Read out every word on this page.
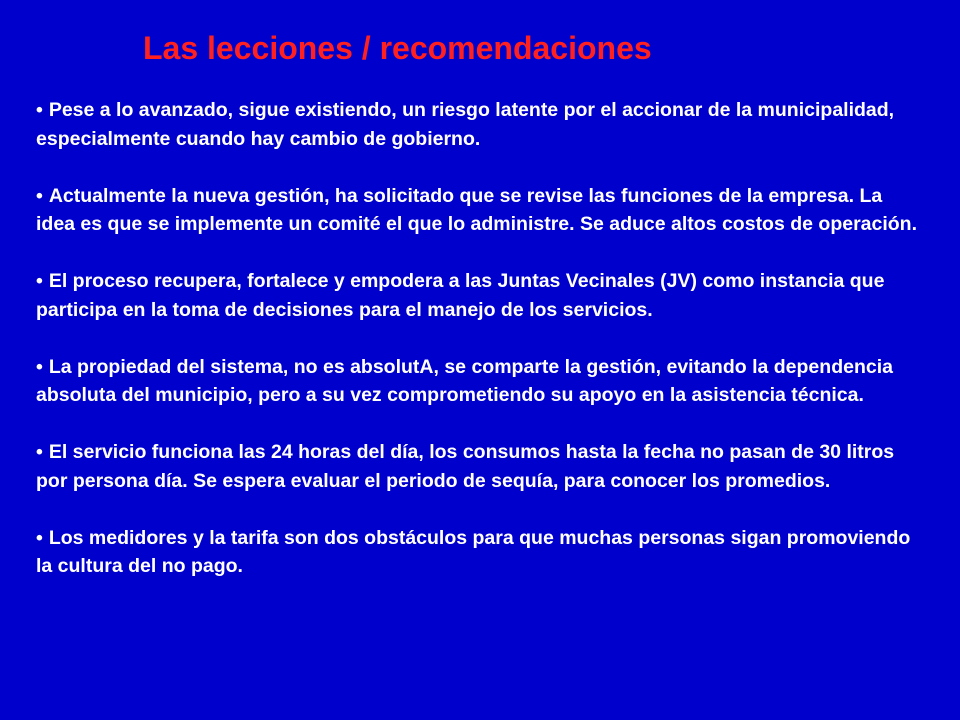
Las lecciones / recomendaciones
• Pese a lo avanzado, sigue existiendo, un riesgo latente por el accionar de la municipalidad, especialmente cuando hay cambio de gobierno.
• Actualmente la nueva gestión, ha solicitado que se revise las funciones de la empresa. La idea es que se implemente un comité el que lo administre. Se aduce altos costos de operación.
• El proceso recupera, fortalece y empodera a las Juntas Vecinales (JV) como instancia que participa en la toma de decisiones para el manejo de los servicios.
• La propiedad del sistema, no es absolutA, se comparte la gestión, evitando la dependencia absoluta del municipio, pero a su vez comprometiendo su apoyo en la asistencia técnica.
• El servicio funciona las 24 horas del día, los consumos hasta la fecha no pasan de 30 litros por persona día. Se espera evaluar el periodo de sequía, para conocer los promedios.
• Los medidores y la tarifa son dos obstáculos para que muchas personas sigan promoviendo la cultura del no pago.
